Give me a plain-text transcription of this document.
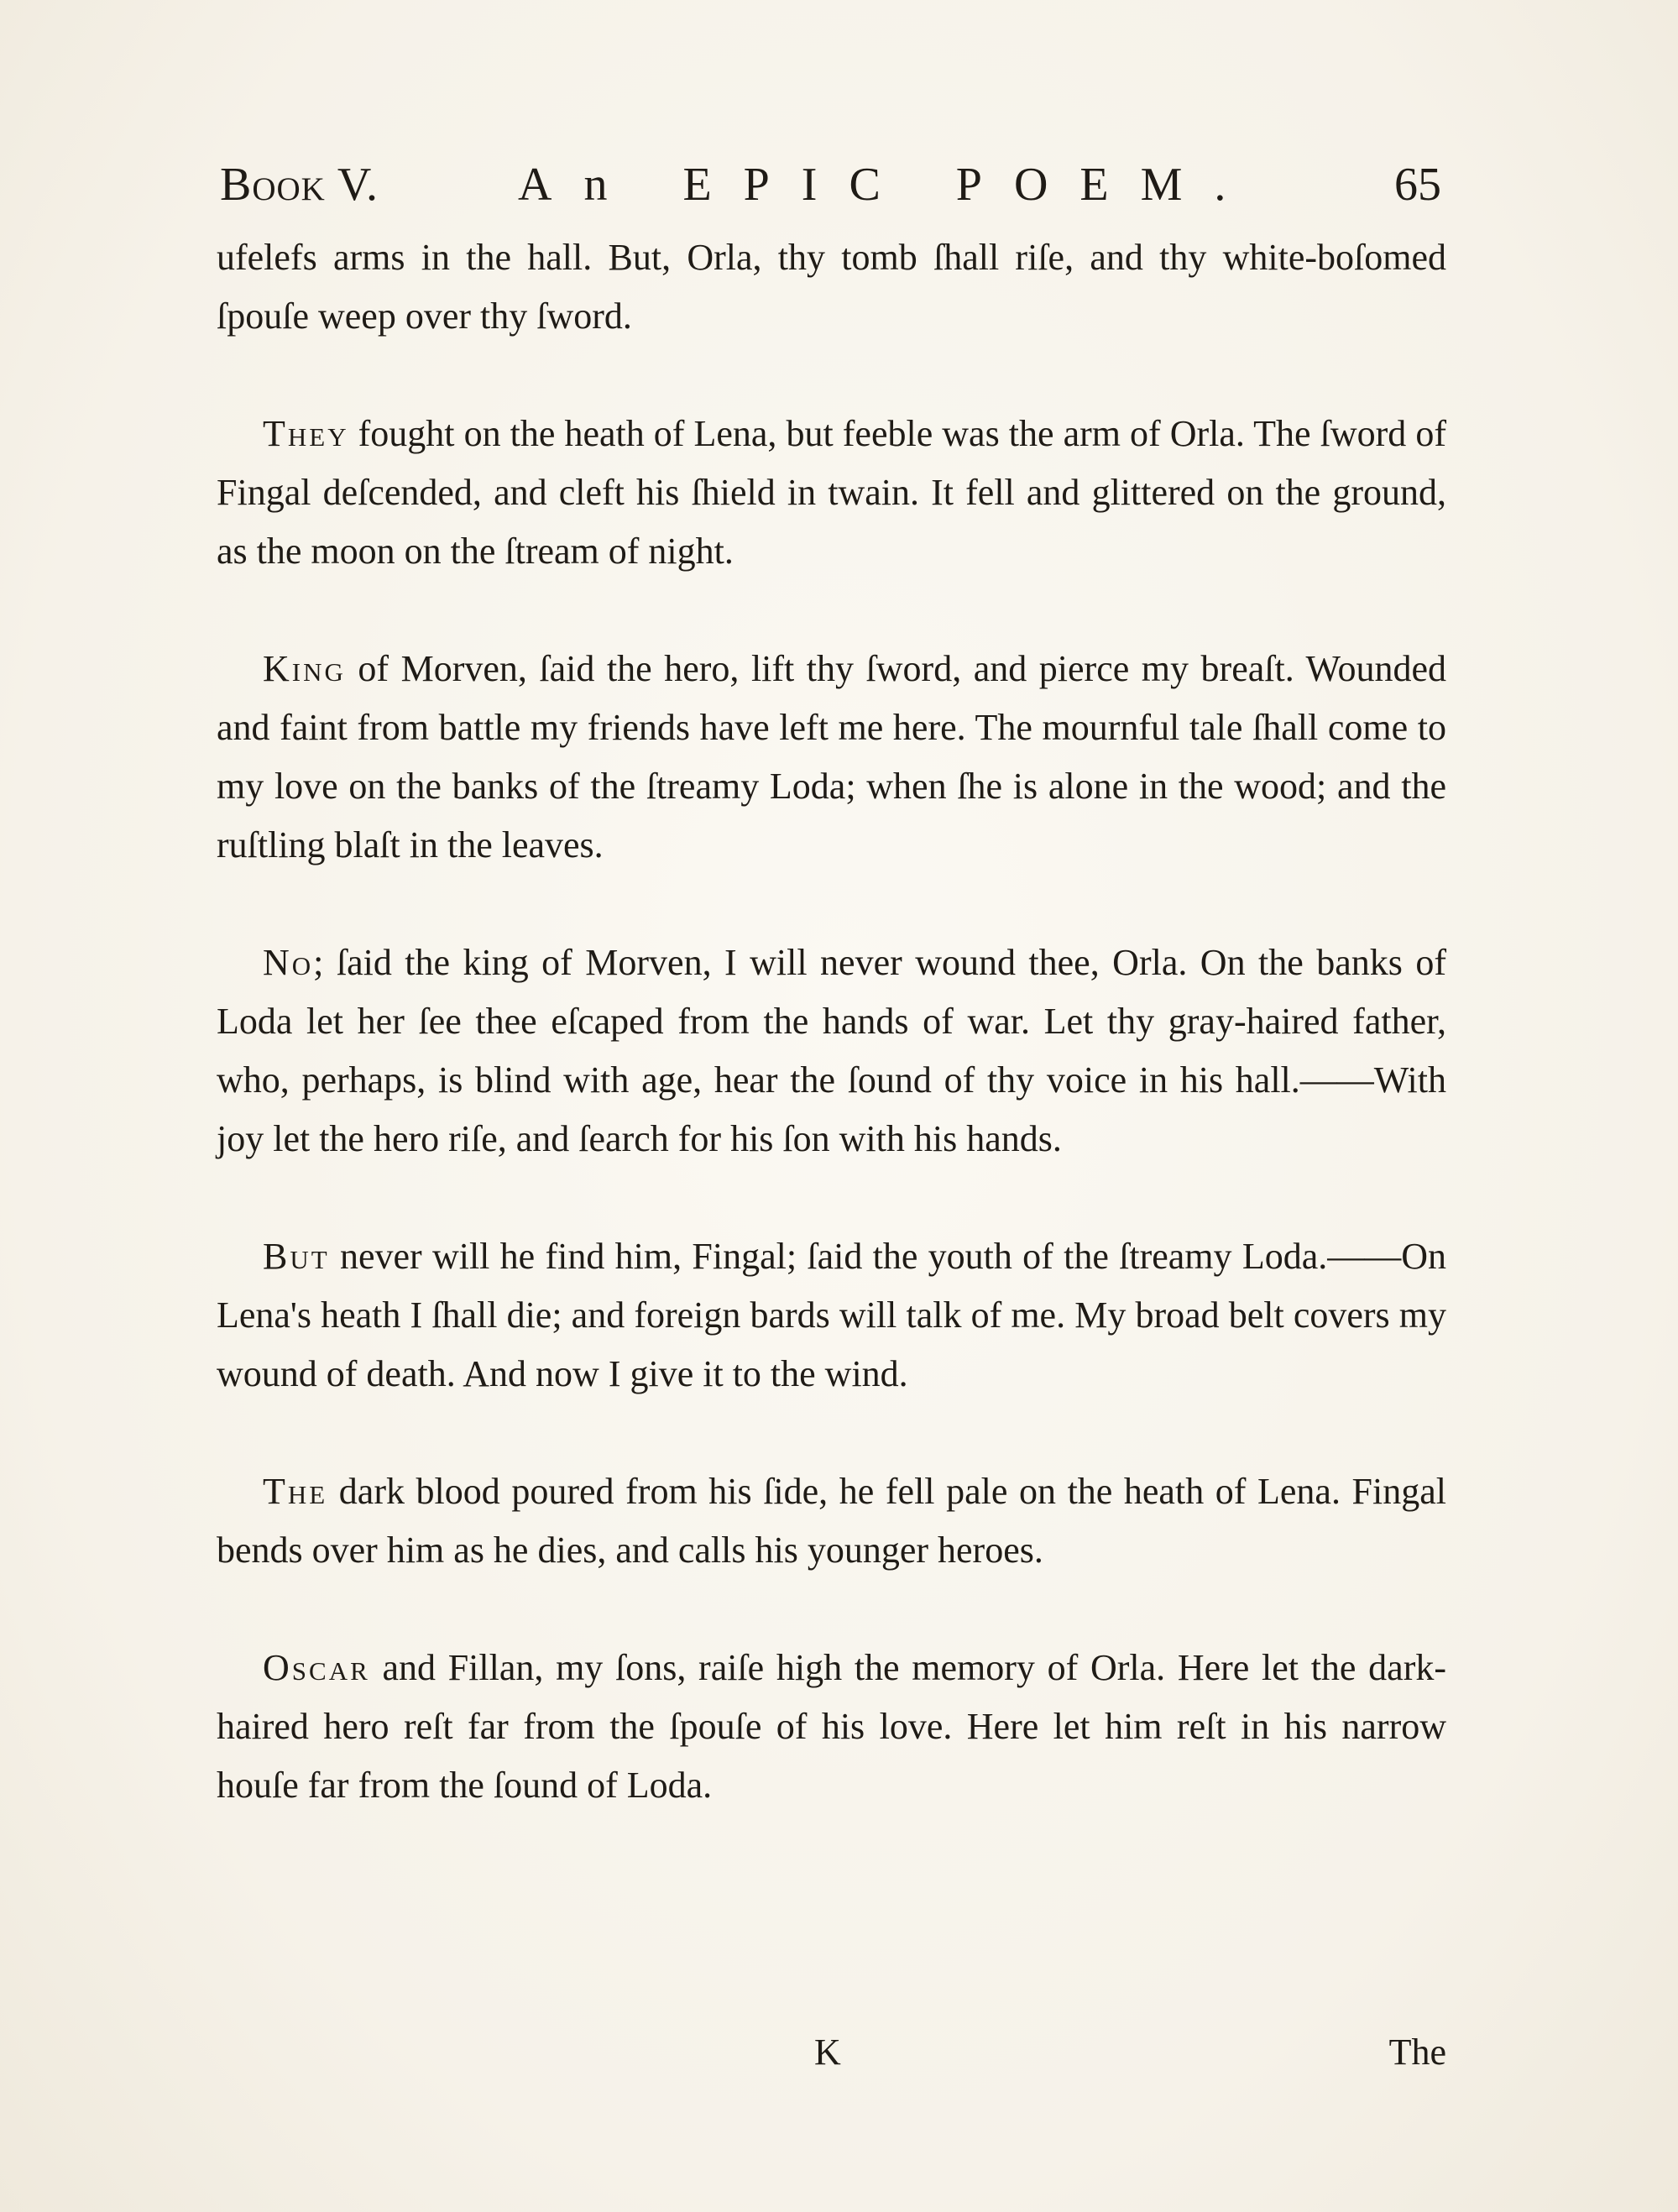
Book V.	An EPIC POEM.	65

ufelefs arms in the hall. But, Orla, thy tomb ſhall riſe, and thy white-boſomed ſpouſe weep over thy ſword.

They fought on the heath of Lena, but feeble was the arm of Orla. The ſword of Fingal deſcended, and cleft his ſhield in twain. It fell and glittered on the ground, as the moon on the ſtream of night.

King of Morven, ſaid the hero, lift thy ſword, and pierce my breaſt. Wounded and faint from battle my friends have left me here. The mournful tale ſhall come to my love on the banks of the ſtreamy Loda; when ſhe is alone in the wood; and the ruſtling blaſt in the leaves.

No; ſaid the king of Morven, I will never wound thee, Orla. On the banks of Loda let her ſee thee eſcaped from the hands of war. Let thy gray-haired father, who, perhaps, is blind with age, hear the ſound of thy voice in his hall.——With joy let the hero riſe, and ſearch for his ſon with his hands.

But never will he find him, Fingal; ſaid the youth of the ſtreamy Loda.——On Lena's heath I ſhall die; and foreign bards will talk of me. My broad belt covers my wound of death. And now I give it to the wind.

The dark blood poured from his ſide, he fell pale on the heath of Lena. Fingal bends over him as he dies, and calls his younger heroes.

Oscar and Fillan, my ſons, raiſe high the memory of Orla. Here let the dark-haired hero reſt far from the ſpouſe of his love. Here let him reſt in his narrow houſe far from the ſound of Loda.

K	The
